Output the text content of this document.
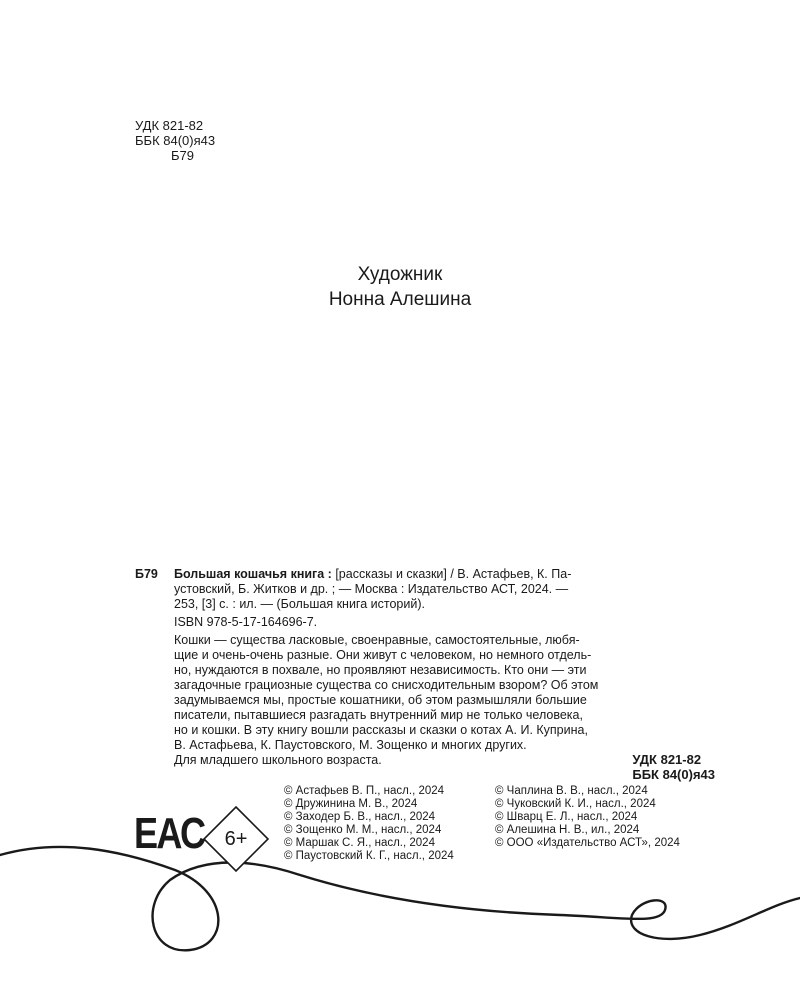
УДК 821-82
ББК 84(0)я43
Б79
Художник
Нонна Алешина
Б79 Большая кошачья книга : [рассказы и сказки] / В. Астафьев, К. Па-
устовский, Б. Житков и др. ; — Москва : Издательство АСТ, 2024. —
253, [3] с. : ил. — (Большая книга историй).
ISBN 978-5-17-164696-7.
Кошки — существа ласковые, своенравные, самостоятельные, любя-
щие и очень-очень разные. Они живут с человеком, но немного отдель-
но, нуждаются в похвале, но проявляют независимость. Кто они — эти
загадочные грациозные существа со снисходительным взором? Об этом
задумываемся мы, простые кошатники, об этом размышляли большие
писатели, пытавшиеся разгадать внутренний мир не только человека,
но и кошки. В эту книгу вошли рассказы и сказки о котах А. И. Куприна,
В. Астафьева, К. Паустовского, М. Зощенко и многих других.
Для младшего школьного возраста.	УДК 821-82
ББК 84(0)я43
© Астафьев В. П., насл., 2024
© Дружинина М. В., 2024
© Заходер Б. В., насл., 2024
© Зощенко М. М., насл., 2024
© Маршак С. Я., насл., 2024
© Паустовский К. Г., насл., 2024
© Чаплина В. В., насл., 2024
© Чуковский К. И., насл., 2024
© Шварц Е. Л., насл., 2024
© Алешина Н. В., ил., 2024
© ООО «Издательство АСТ», 2024
ЕАС	6+
